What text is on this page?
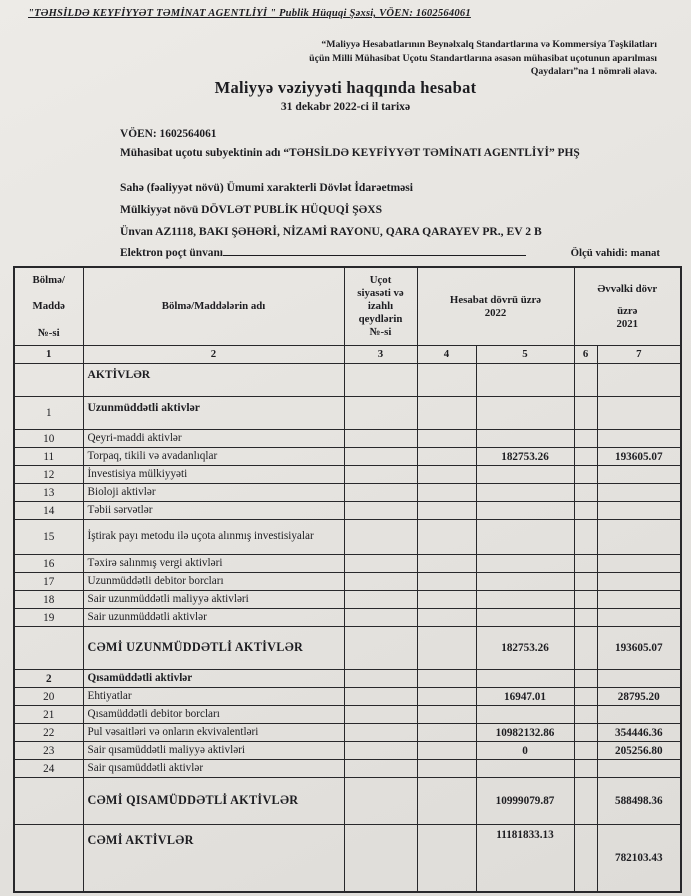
"TƏHSİLDƏ KEYFİYYƏT TƏMİNAT AGENTLİYİ " Publik Hüquqi Şəxsi, VÖEN: 1602564061
“Maliyyə Hesabatlarının Beynəlxalq Standartlarına və Kommersiya Təşkilatları
üçün Milli Mühasibat Uçotu Standartlarına əsasən mühasibat uçotunun aparılması
Qaydaları”na 1 nömrəli əlavə.
Maliyyə vəziyyəti haqqında hesabat
31 dekabr 2022-ci il tarixə
VÖEN: 1602564061
Mühasibat uçotu subyektinin adı “TƏHSİLDƏ KEYFİYYƏT TƏMİNATI AGENTLİYİ” PHŞ
Sahə (fəaliyyət növü) Ümumi xarakterli Dövlət İdarəetməsi
Mülkiyyət növü DÖVLƏT PUBLİK HÜQUQİ ŞƏXS
Ünvan AZ1118, BAKI ŞƏHƏRİ, NİZAMİ RAYONU, QARA QARAYEV PR., EV 2 B
Elektron poçt ünvanı	Ölçü vahidi: manat
Bölmə/
Maddə
№-si
	Bölmə/Maddələrin adı	
Uçot
siyasəti və
izahlı
qeydlərin
№-si

Hesabat dövrü üzrə
2022

Əvvəlki dövr
üzrə
2021

1	2	3	4	5	6	7
	AKTİVLƏR					
1	Uzunmüddətli aktivlər					
10	Qeyri-maddi aktivlər					
11	Torpaq, tikili və avadanlıqlar			182753.26		193605.07
12	İnvestisiya mülkiyyəti					
13	Bioloji aktivlər					
14	Təbii sərvətlər					
15	İştirak payı metodu ilə uçota alınmış investisiyalar					
16	Təxirə salınmış vergi aktivləri					
17	Uzunmüddətli debitor borcları					
18	Sair uzunmüddətli maliyyə aktivləri					
19	Sair uzunmüddətli aktivlər					
	CƏMİ UZUNMÜDDƏTLİ AKTİVLƏR			182753.26		193605.07
2	Qısamüddətli aktivlər					
20	Ehtiyatlar			16947.01		28795.20
21	Qısamüddətli debitor borcları					
22	Pul vəsaitləri və onların ekvivalentləri			10982132.86		354446.36
23	Sair qısamüddətli maliyyə aktivləri			0		205256.80
24	Sair qısamüddətli aktivlər					
	CƏMİ QISAMÜDDƏTLİ AKTİVLƏR			10999079.87		588498.36
	CƏMİ AKTİVLƏR			11181833.13		782103.43
